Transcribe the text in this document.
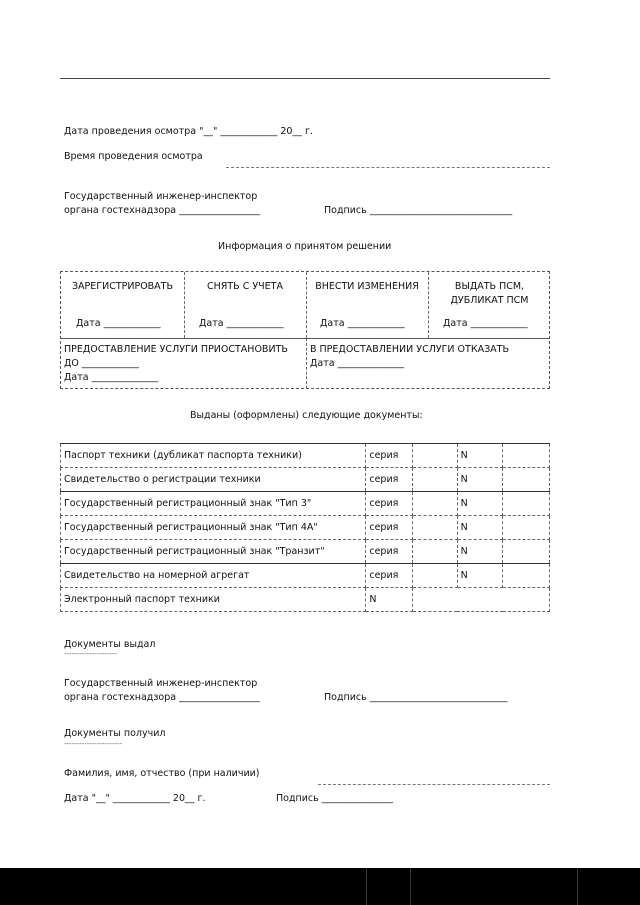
Дата проведения осмотра "__" ____________ 20__ г.
Время проведения осмотра
Государственный инженер-инспектор
органа гостехнадзора _________________	Подпись ______________________________
Информация о принятом решении
ЗАРЕГИСТРИРОВАТЬ	СНЯТЬ С УЧЕТА	ВНЕСТИ ИЗМЕНЕНИЯ	ВЫДАТЬ ПСМ,
ДУБЛИКАТ ПСМ
Дата ____________	Дата ____________	Дата ____________	Дата ____________
ПРЕДОСТАВЛЕНИЕ УСЛУГИ ПРИОСТАНОВИТЬ
ДО ____________
Дата ______________
В ПРЕДОСТАВЛЕНИИ УСЛУГИ ОТКАЗАТЬ
Дата ______________
Выданы (оформлены) следующие документы:
Паспорт техники (дубликат паспорта техники)	серия		N	
Свидетельство о регистрации техники	серия		N	
Государственный регистрационный знак "Тип 3"	серия		N	
Государственный регистрационный знак "Тип 4А"	серия		N	
Государственный регистрационный знак "Транзит"	серия		N	
Свидетельство на номерной агрегат	серия		N	
Электронный паспорт техники	N			
Документы выдал
---------------------
Государственный инженер-инспектор
органа гостехнадзора _________________	Подпись _____________________________
Документы получил
-----------------------
Фамилия, имя, отчество (при наличии)
Дата "__" ____________ 20__ г.	Подпись _______________
